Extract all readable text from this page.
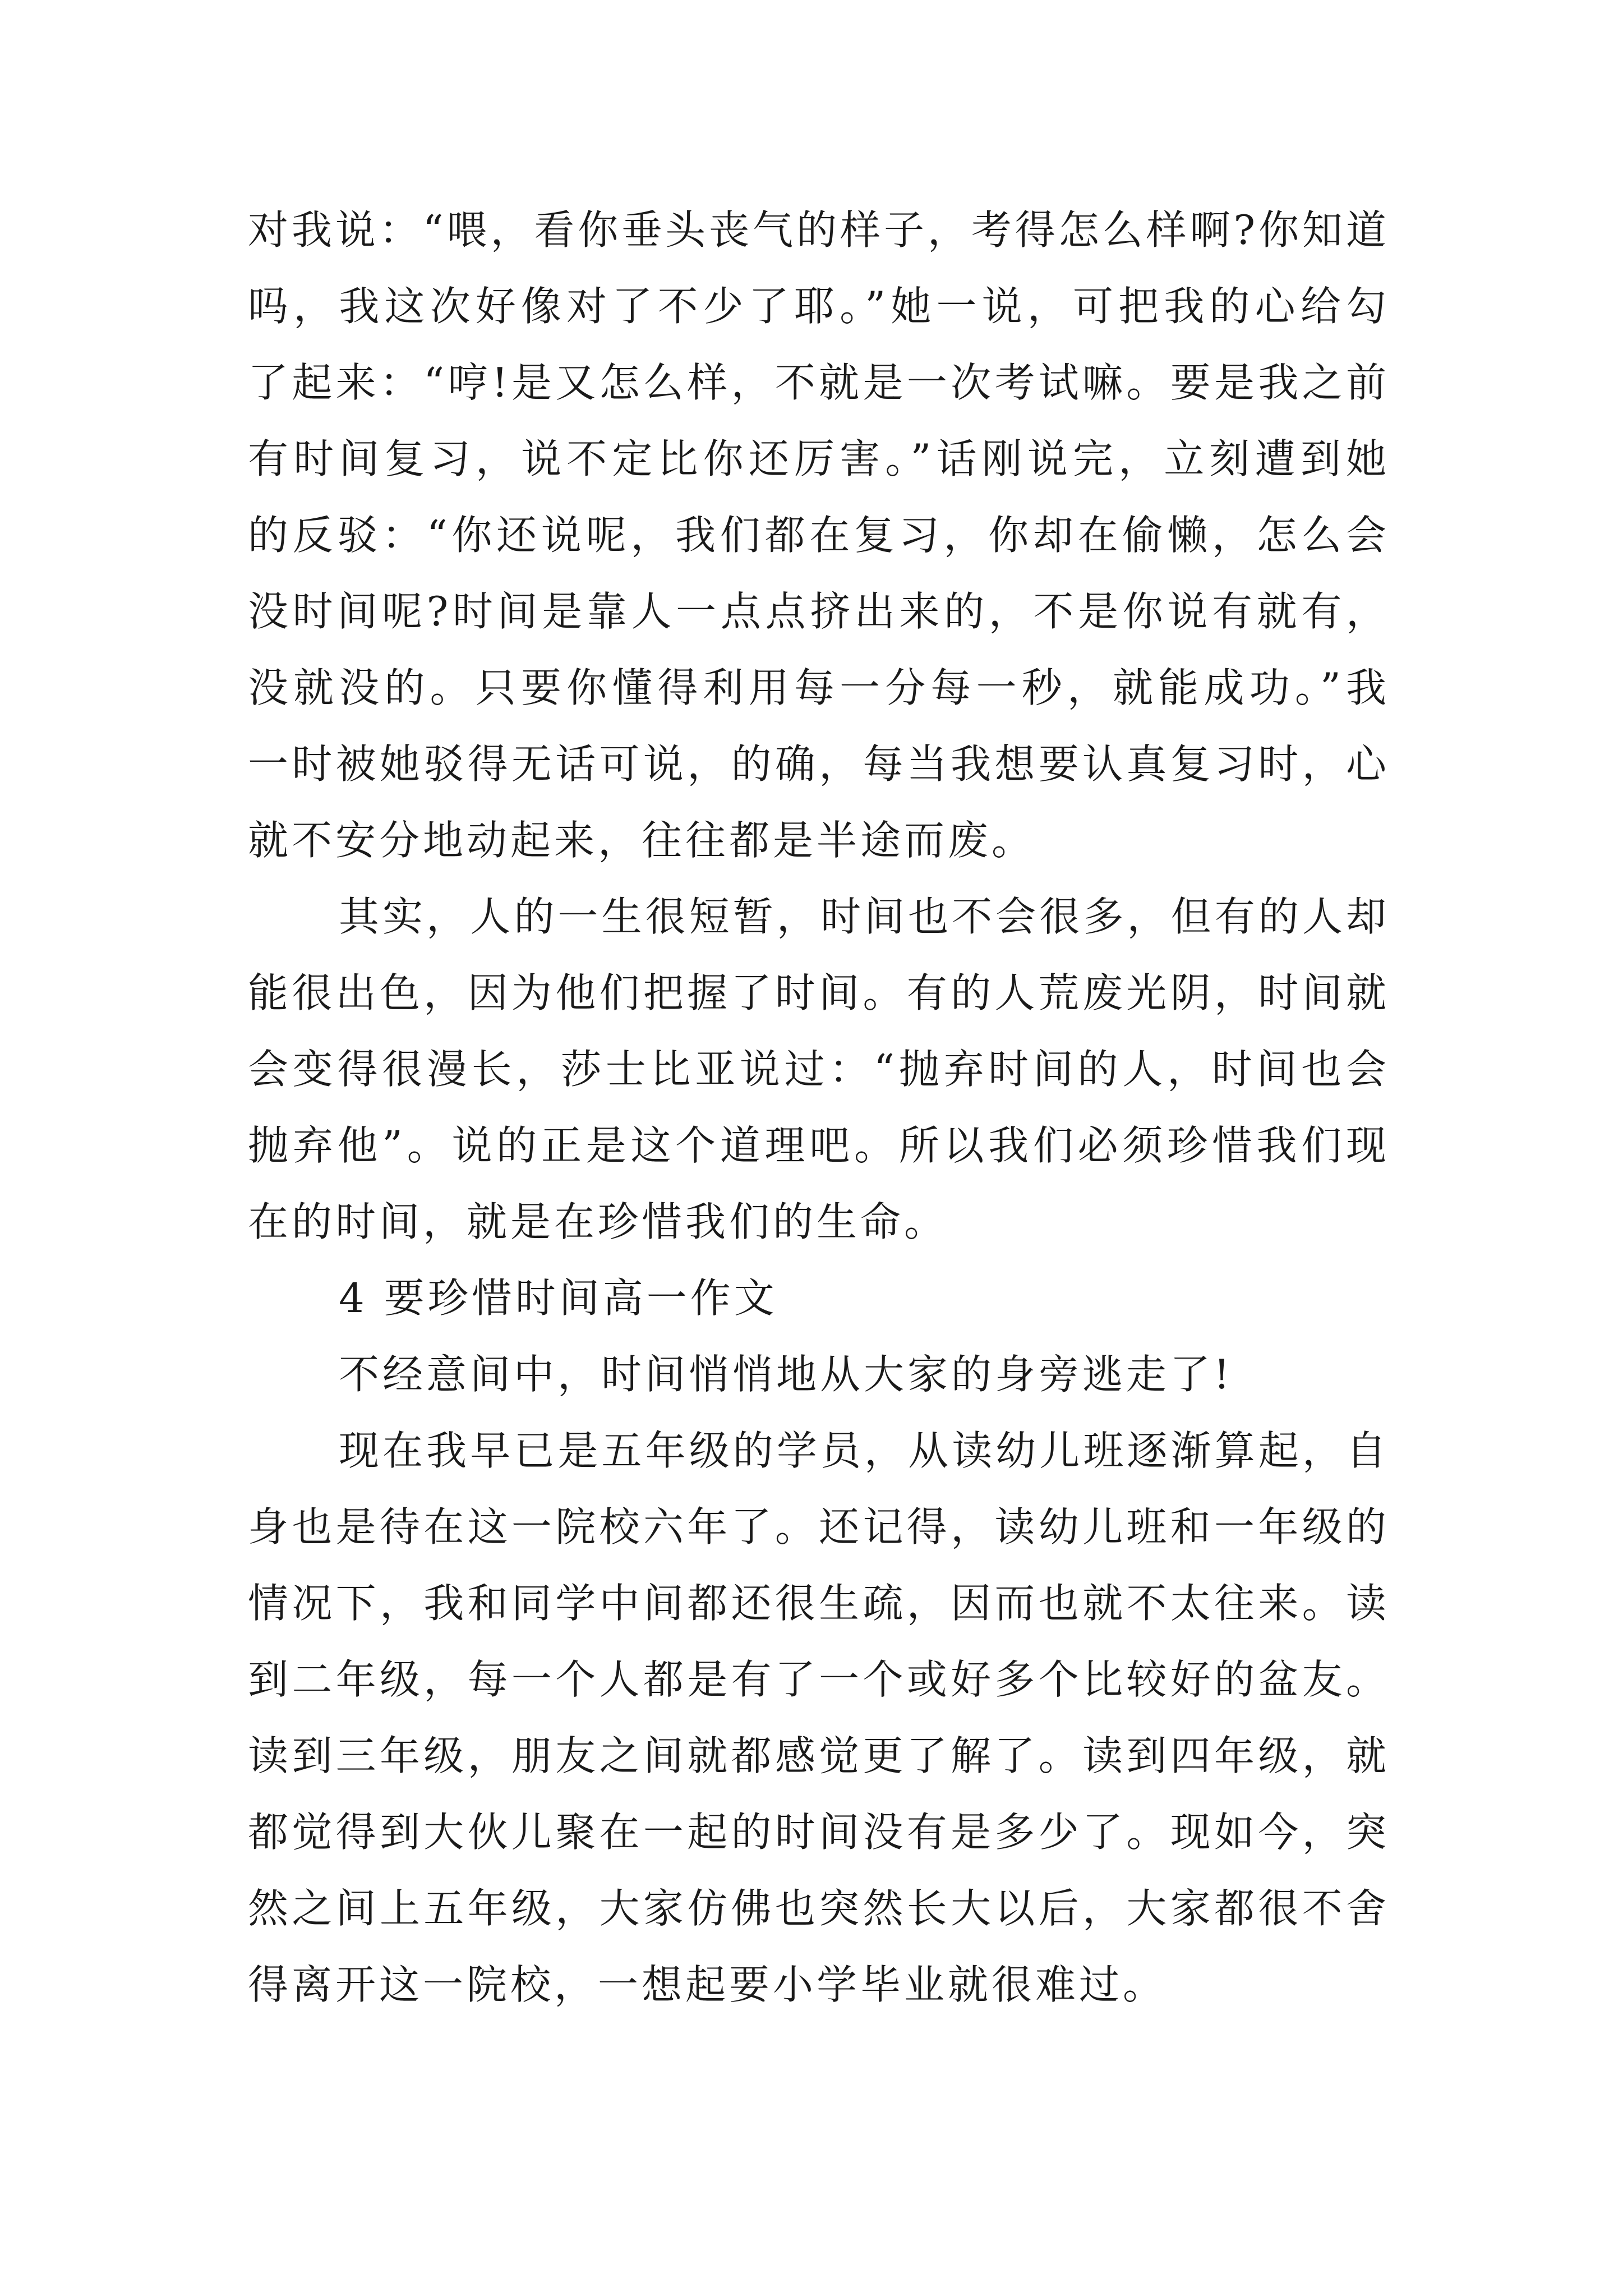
对我说：“喂，看你垂头丧气的样子，考得怎么样啊?你知道
吗，我这次好像对了不少了耶。”她一说，可把我的心给勾
了起来：“哼!是又怎么样，不就是一次考试嘛。要是我之前
有时间复习，说不定比你还厉害。”话刚说完，立刻遭到她
的反驳：“你还说呢，我们都在复习，你却在偷懒，怎么会
没时间呢?时间是靠人一点点挤出来的，不是你说有就有，
没就没的。只要你懂得利用每一分每一秒，就能成功。”我
一时被她驳得无话可说，的确，每当我想要认真复习时，心
就不安分地动起来，往往都是半途而废。
其实，人的一生很短暂，时间也不会很多，但有的人却
能很出色，因为他们把握了时间。有的人荒废光阴，时间就
会变得很漫长，莎士比亚说过：“抛弃时间的人，时间也会
抛弃他”。说的正是这个道理吧。所以我们必须珍惜我们现
在的时间，就是在珍惜我们的生命。
4 要珍惜时间高一作文
不经意间中，时间悄悄地从大家的身旁逃走了!
现在我早已是五年级的学员，从读幼儿班逐渐算起，自
身也是待在这一院校六年了。还记得，读幼儿班和一年级的
情况下，我和同学中间都还很生疏，因而也就不太往来。读
到二年级，每一个人都是有了一个或好多个比较好的盆友。
读到三年级，朋友之间就都感觉更了解了。读到四年级，就
都觉得到大伙儿聚在一起的时间没有是多少了。现如今，突
然之间上五年级，大家仿佛也突然长大以后，大家都很不舍
得离开这一院校，一想起要小学毕业就很难过。
